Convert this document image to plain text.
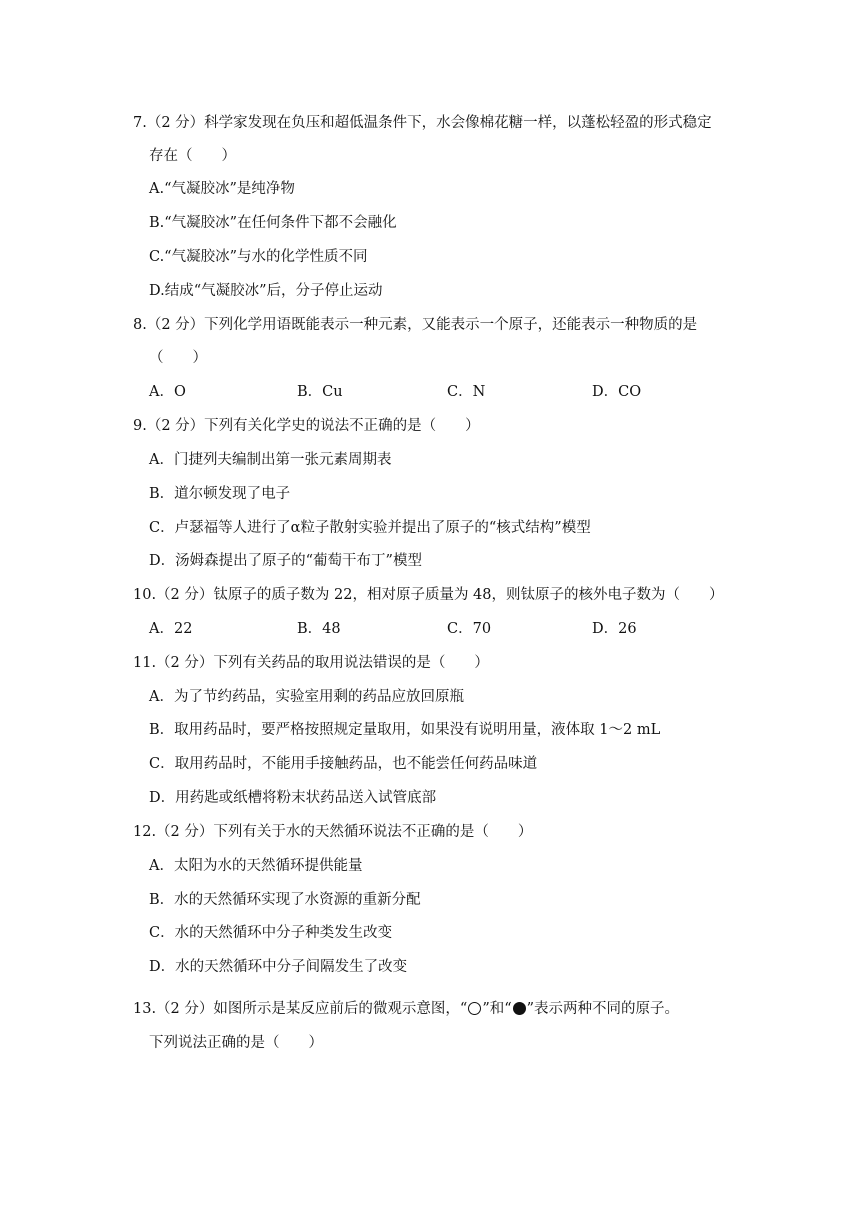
7.（2 分）科学家发现在负压和超低温条件下，水会像棉花糖一样，以蓬松轻盈的形式稳定
存在（　　）
A.“气凝胶冰”是纯净物
B.“气凝胶冰”在任何条件下都不会融化
C.“气凝胶冰”与水的化学性质不同
D.结成“气凝胶冰”后，分子停止运动
8.（2 分）下列化学用语既能表示一种元素，又能表示一个原子，还能表示一种物质的是
（　　）
A．O	B．Cu	C．N	D．CO
9.（2 分）下列有关化学史的说法不正确的是（　　）
A．门捷列夫编制出第一张元素周期表
B．道尔顿发现了电子
C．卢瑟福等人进行了α粒子散射实验并提出了原子的“核式结构”模型
D．汤姆森提出了原子的“葡萄干布丁”模型
10.（2 分）钛原子的质子数为 22，相对原子质量为 48，则钛原子的核外电子数为（　　）
A．22	B．48	C．70	D．26
11.（2 分）下列有关药品的取用说法错误的是（　　）
A．为了节约药品，实验室用剩的药品应放回原瓶
B．取用药品时，要严格按照规定量取用，如果没有说明用量，液体取 1～2 mL
C．取用药品时，不能用手接触药品，也不能尝任何药品味道
D．用药匙或纸槽将粉末状药品送入试管底部
12.（2 分）下列有关于水的天然循环说法不正确的是（　　）
A．太阳为水的天然循环提供能量
B．水的天然循环实现了水资源的重新分配
C．水的天然循环中分子种类发生改变
D．水的天然循环中分子间隔发生了改变
13.（2 分）如图所示是某反应前后的微观示意图，“ ”和“ ”表示两种不同的原子。
下列说法正确的是（　　）
